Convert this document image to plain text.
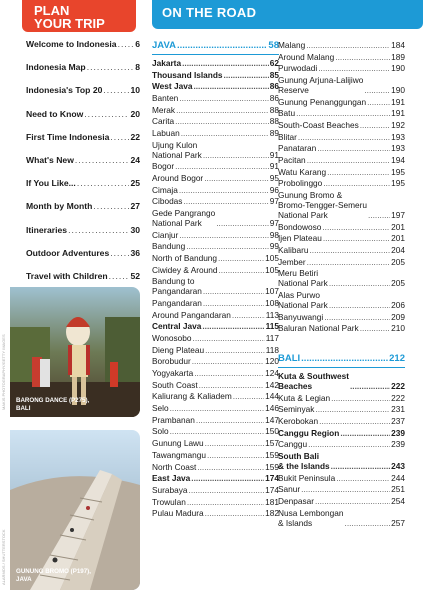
PLAN
YOUR TRIP
ON THE ROAD
Welcome to Indonesia ..... 6
Indonesia Map .....	8
Indonesia's Top 20 .....	10
Need to Know .....	20
First Time Indonesia ..... 22
What's New .....	24
If You Like... .....	25
Month by Month .....	27
Itineraries .....	30
Outdoor Adventures ..... 36
Travel with Children .....	52
.....
BARONG DANCE (P275),
BALI
MAKIS PHOTOGRAPHY/GETTY IMAGES
GUNUNG BROMO (P197),
JAVA
ALARMOS / SHUTTERSTOCK
JAVA .....	58
Jakarta .....	62
Thousand Islands .....	85
West Java .....	86
Banten .....	86
Merak .....	88
Carita .....	88
Labuan .....	89
Ujung Kulon
National Park .....	91
Bogor .....	91
Around Bogor .....	95
Cimaja .....	96
Cibodas .....	97
Gede Pangrango
National Park .....	97
Cianjur .....	98
Bandung .....	99
North of Bandung .....	105
Ciwidey & Around .....	105
Bandung to
Pangandaran .....	107
Pangandaran .....	108
Around Pangandaran .....	113
Central Java .....	115
Wonosobo .....	117
Dieng Plateau .....	118
Borobudur .....	120
Yogyakarta .....	124
South Coast .....	142
Kaliurang & Kaliadem .....	144
Selo .....	146
Prambanan .....	147
Solo .....	150
Gunung Lawu .....	157
Tawangmangu .....	159
North Coast .....	159
East Java .....	174
Surabaya .....	174
Trowulan .....	181
Pulau Madura .....	182
Malang .....	184
Around Malang .....	189
Purwodadi .....	190
Gunung Arjuna-Lalijiwo
Reserve .....	190
Gunung Penanggungan .....	191
Batu .....	191
South-Coast Beaches .....	192
Blitar .....	193
Panataran .....	193
Pacitan .....	194
Watu Karang .....	195
Probolinggo .....	195
Gunung Bromo &
Bromo-Tengger-Semeru
National Park .....	197
Bondowoso .....	201
Ijen Plateau .....	201
Kalibaru .....	204
Jember .....	205
Meru Betiri
National Park .....	205
Alas Purwo
National Park .....	206
Banyuwangi .....	209
Baluran National Park .....	210
BALI .....	212
Kuta & Southwest
Beaches .....	222
Kuta & Legian .....	222
Seminyak .....	231
Kerobokan .....	237
Canggu Region .....	239
Canggu .....	239
South Bali
& the Islands .....	243
Bukit Peninsula .....	244
Sanur .....	251
Denpasar .....	254
Nusa Lembongan
& Islands .....	257
